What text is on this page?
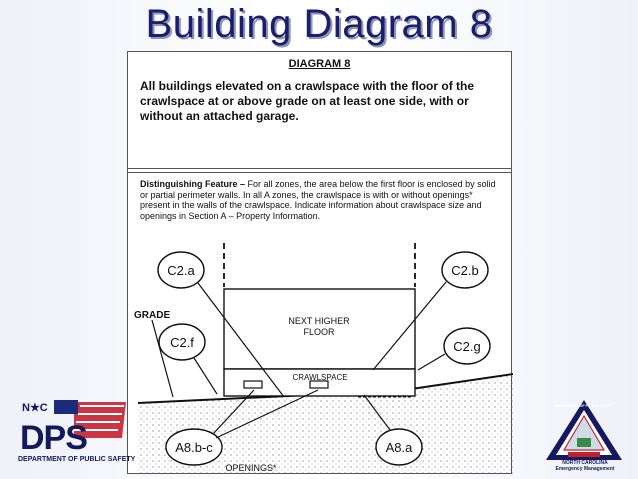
Building Diagram 8
DIAGRAM 8
All buildings elevated on a crawlspace with the floor of the crawlspace at or above grade on at least one side, with or without an attached garage.
Distinguishing Feature – For all zones, the area below the first floor is enclosed by solid or partial perimeter walls. In all A zones, the crawlspace is with or without openings* present in the walls of the crawlspace. Indicate information about crawlspace size and openings in Section A – Property Information.
C2.a	C2.b
C2.f	C2.g
A8.b-c	A8.a
GRADE	NEXT HIGHER
FLOOR
CRAWLSPACE
OPENINGS*
N★C
DPS
DEPARTMENT OF PUBLIC SAFETY
DEPARTMENT OF PUBLIC SAFETY
NORTH CAROLINA
Emergency Management
